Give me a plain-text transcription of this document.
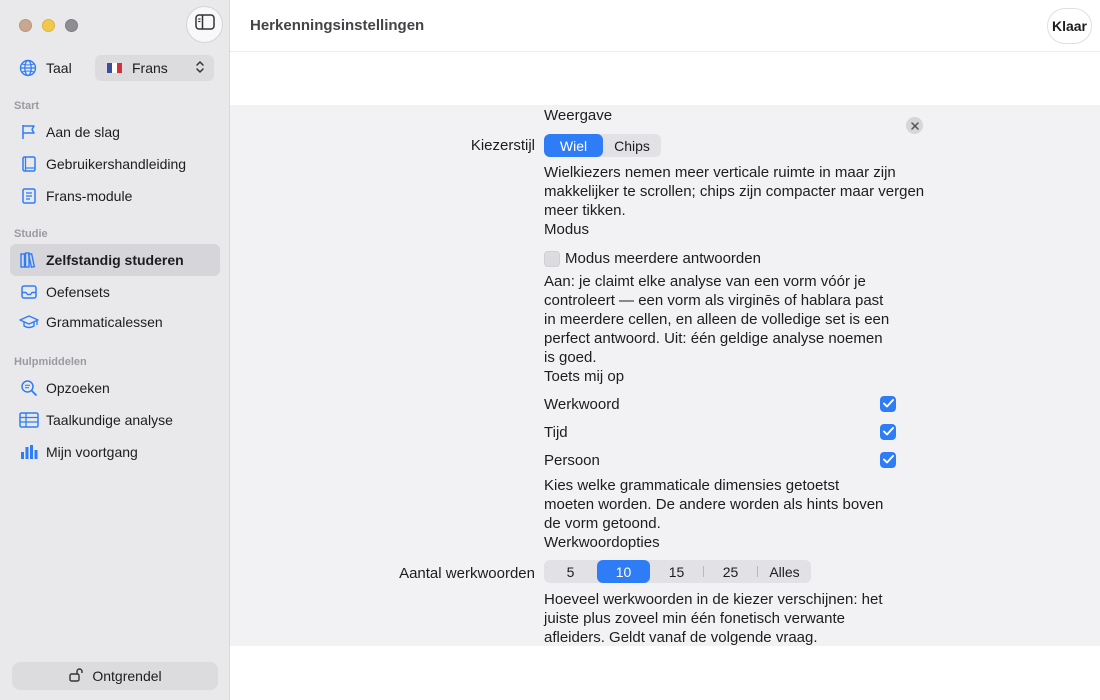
Taal	Frans
Start
Aan de slag
Gebruikershandleiding
Frans-module
Studie
Zelfstandig studeren
Oefensets
Grammaticalessen
Hulpmiddelen
Opzoeken
Taalkundige analyse
Mijn voortgang
Ontgrendel
Herkenningsinstellingen	Klaar
Weergave
Kiezerstijl	Wiel	Chips
Wielkiezers nemen meer verticale ruimte in maar zijn
makkelijker te scrollen; chips zijn compacter maar vergen
meer tikken.
Modus
Modus meerdere antwoorden
Aan: je claimt elke analyse van een vorm vóór je
controleert — een vorm als virginēs of hablara past
in meerdere cellen, en alleen de volledige set is een
perfect antwoord. Uit: één geldige analyse noemen
is goed.
Toets mij op
Werkwoord
Tijd
Persoon
Kies welke grammaticale dimensies getoetst
moeten worden. De andere worden als hints boven
de vorm getoond.
Werkwoordopties
Aantal werkwoorden	5	10	15	25	Alles
Hoeveel werkwoorden in de kiezer verschijnen: het
juiste plus zoveel min één fonetisch verwante
afleiders. Geldt vanaf de volgende vraag.
